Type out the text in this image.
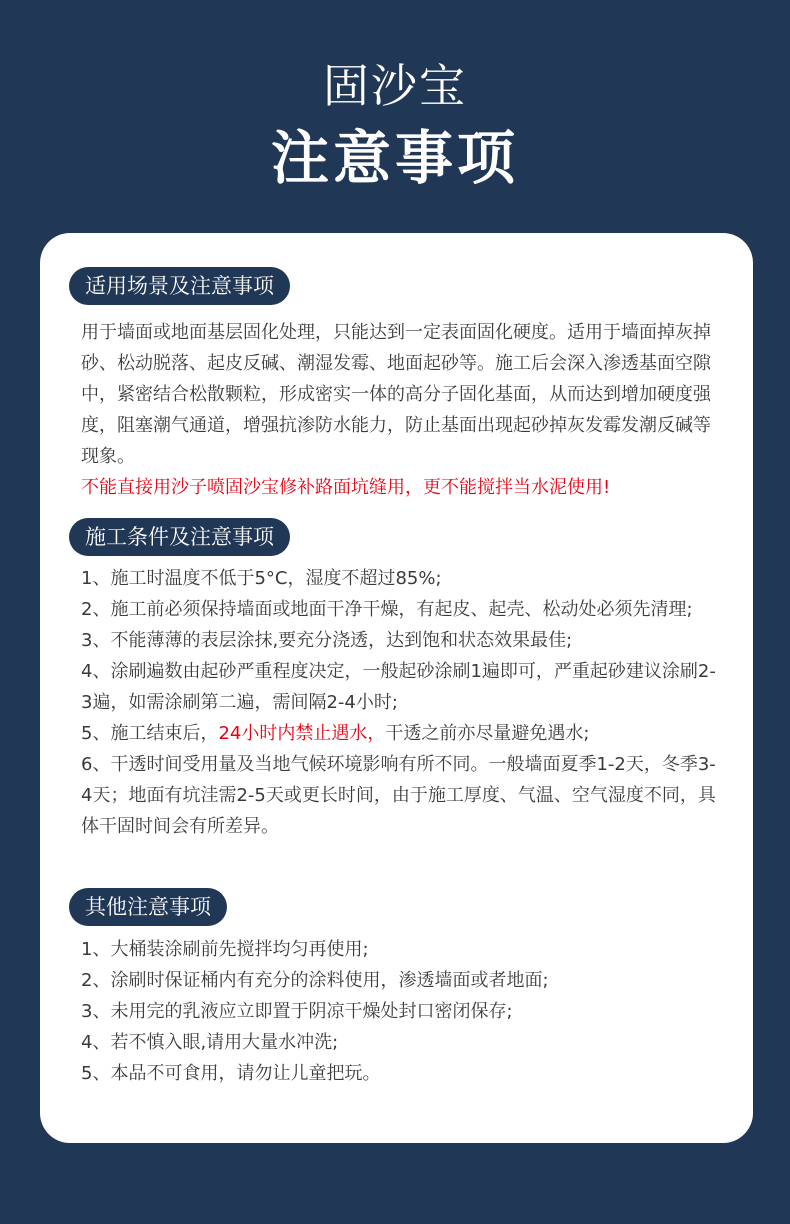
固沙宝
注意事项
适用场景及注意事项

用于墙面或地面基层固化处理，只能达到一定表面固化硬度。适用于墙面掉灰掉砂、松动脱落、起皮反碱、潮湿发霉、地面起砂等。施工后会深入渗透基面空隙中，紧密结合松散颗粒，形成密实一体的高分子固化基面，从而达到增加硬度强度，阻塞潮气通道，增强抗渗防水能力，防止基面出现起砂掉灰发霉发潮反碱等现象。

不能直接用沙子喷固沙宝修补路面坑缝用，更不能搅拌当水泥使用!

施工条件及注意事项

1、施工时温度不低于5°C，湿度不超过85%;

2、施工前必须保持墙面或地面干净干燥，有起皮、起壳、松动处必须先清理;

3、不能薄薄的表层涂抹,要充分浇透，达到饱和状态效果最佳;

4、涂刷遍数由起砂严重程度决定，一般起砂涂刷1遍即可，严重起砂建议涂刷2-3遍，如需涂刷第二遍，需间隔2-4小时;

5、施工结束后，24小时内禁止遇水，干透之前亦尽量避免遇水;

6、干透时间受用量及当地气候环境影响有所不同。一般墙面夏季1-2天，冬季3-4天；地面有坑洼需2-5天或更长时间，由于施工厚度、气温、空气湿度不同，具体干固时间会有所差异。

其他注意事项

1、大桶装涂刷前先搅拌均匀再使用;

2、涂刷时保证桶内有充分的涂料使用，渗透墙面或者地面;

3、未用完的乳液应立即置于阴凉干燥处封口密闭保存;

4、若不慎入眼,请用大量水冲洗;

5、本品不可食用，请勿让儿童把玩。
